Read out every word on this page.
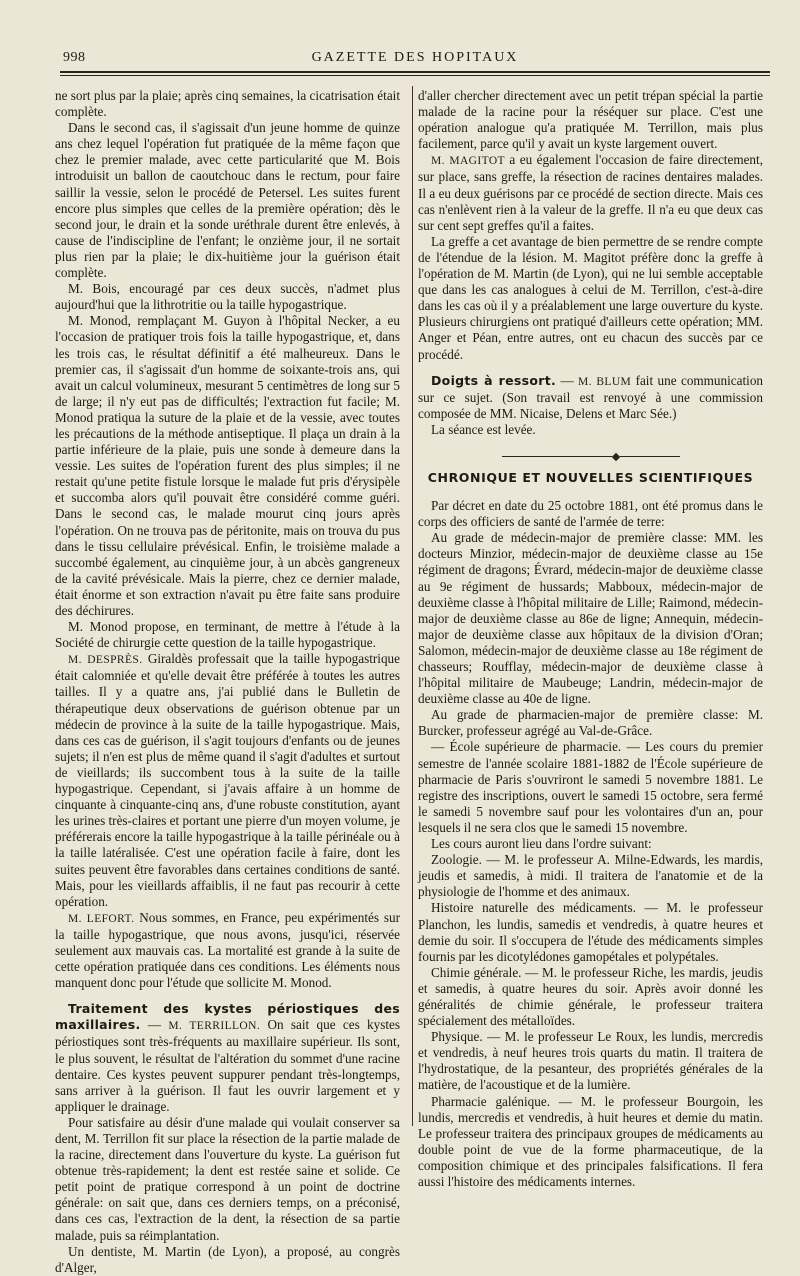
998	GAZETTE DES HOPITAUX

ne sort plus par la plaie; après cinq semaines, la cicatrisation était complète.

Dans le second cas, il s'agissait d'un jeune homme de quinze ans chez lequel l'opération fut pratiquée de la même façon que chez le premier malade, avec cette particularité que M. Bois introduisit un ballon de caoutchouc dans le rectum, pour faire saillir la vessie, selon le procédé de Petersel. Les suites furent encore plus simples que celles de la première opération; dès le second jour, le drain et la sonde uréthrale durent être enlevés, à cause de l'indiscipline de l'enfant; le onzième jour, il ne sortait plus rien par la plaie; le dix-huitième jour la guérison était complète.

M. Bois, encouragé par ces deux succès, n'admet plus aujourd'hui que la lithrotritie ou la taille hypogastrique.

M. Monod, remplaçant M. Guyon à l'hôpital Necker, a eu l'occasion de pratiquer trois fois la taille hypogastrique, et, dans les trois cas, le résultat définitif a été malheureux. Dans le premier cas, il s'agissait d'un homme de soixante-trois ans, qui avait un calcul volumineux, mesurant 5 centimètres de long sur 5 de large; il n'y eut pas de difficultés; l'extraction fut facile; M. Monod pratiqua la suture de la plaie et de la vessie, avec toutes les précautions de la méthode antiseptique. Il plaça un drain à la partie inférieure de la plaie, puis une sonde à demeure dans la vessie. Les suites de l'opération furent des plus simples; il ne restait qu'une petite fistule lorsque le malade fut pris d'érysipèle et succomba alors qu'il pouvait être considéré comme guéri. Dans le second cas, le malade mourut cinq jours après l'opération. On ne trouva pas de péritonite, mais on trouva du pus dans le tissu cellulaire prévésical. Enfin, le troisième malade a succombé également, au cinquième jour, à un abcès gangreneux de la cavité prévésicale. Mais la pierre, chez ce dernier malade, était énorme et son extraction n'avait pu être faite sans produire des déchirures.

M. Monod propose, en terminant, de mettre à l'étude à la Société de chirurgie cette question de la taille hypogastrique.

M. DESPRÈS. Giraldès professait que la taille hypogastrique était calomniée et qu'elle devait être préférée à toutes les autres tailles. Il y a quatre ans, j'ai publié dans le Bulletin de thérapeutique deux observations de guérison obtenue par un médecin de province à la suite de la taille hypogastrique. Mais, dans ces cas de guérison, il s'agit toujours d'enfants ou de jeunes sujets; il n'en est plus de même quand il s'agit d'adultes et surtout de vieillards; ils succombent tous à la suite de la taille hypogastrique. Cependant, si j'avais affaire à un homme de cinquante à cinquante-cinq ans, d'une robuste constitution, ayant les urines très-claires et portant une pierre d'un moyen volume, je préférerais encore la taille hypogastrique à la taille périnéale ou à la taille latéralisée. C'est une opération facile à faire, dont les suites peuvent être favorables dans certaines conditions de santé. Mais, pour les vieillards affaiblis, il ne faut pas recourir à cette opération.

M. LEFORT. Nous sommes, en France, peu expérimentés sur la taille hypogastrique, que nous avons, jusqu'ici, réservée seulement aux mauvais cas. La mortalité est grande à la suite de cette opération pratiquée dans ces conditions. Les éléments nous manquent donc pour l'étude que sollicite M. Monod.

Traitement des kystes périostiques des maxillaires. — M. TERRILLON. On sait que ces kystes périostiques sont très-fréquents au maxillaire supérieur. Ils sont, le plus souvent, le résultat de l'altération du sommet d'une racine dentaire. Ces kystes peuvent suppurer pendant très-longtemps, sans arriver à la guérison. Il faut les ouvrir largement et y appliquer le drainage.

Pour satisfaire au désir d'une malade qui voulait conserver sa dent, M. Terrillon fit sur place la résection de la partie malade de la racine, directement dans l'ouverture du kyste. La guérison fut obtenue très-rapidement; la dent est restée saine et solide. Ce petit point de pratique correspond à un point de doctrine générale: on sait que, dans ces derniers temps, on a préconisé, dans ces cas, l'extraction de la dent, la résection de sa partie malade, puis sa réimplantation.

Un dentiste, M. Martin (de Lyon), a proposé, au congrès d'Alger,

d'aller chercher directement avec un petit trépan spécial la partie malade de la racine pour la réséquer sur place. C'est une opération analogue qu'a pratiquée M. Terrillon, mais plus facilement, parce qu'il y avait un kyste largement ouvert.

M. MAGITOT a eu également l'occasion de faire directement, sur place, sans greffe, la résection de racines dentaires malades. Il a eu deux guérisons par ce procédé de section directe. Mais ces cas n'enlèvent rien à la valeur de la greffe. Il n'a eu que deux cas sur cent sept greffes qu'il a faites.

La greffe a cet avantage de bien permettre de se rendre compte de l'étendue de la lésion. M. Magitot préfère donc la greffe à l'opération de M. Martin (de Lyon), qui ne lui semble acceptable que dans les cas analogues à celui de M. Terrillon, c'est-à-dire dans les cas où il y a préalablement une large ouverture du kyste. Plusieurs chirurgiens ont pratiqué d'ailleurs cette opération; MM. Anger et Péan, entre autres, ont eu chacun des succès par ce procédé.

Doigts à ressort. — M. BLUM fait une communication sur ce sujet. (Son travail est renvoyé à une commission composée de MM. Nicaise, Delens et Marc Sée.)

La séance est levée.

CHRONIQUE ET NOUVELLES SCIENTIFIQUES

Par décret en date du 25 octobre 1881, ont été promus dans le corps des officiers de santé de l'armée de terre:

Au grade de médecin-major de première classe: MM. les docteurs Minzior, médecin-major de deuxième classe au 15e régiment de dragons; Évrard, médecin-major de deuxième classe au 9e régiment de hussards; Mabboux, médecin-major de deuxième classe à l'hôpital militaire de Lille; Raimond, médecin-major de deuxième classe au 86e de ligne; Annequin, médecin-major de deuxième classe aux hôpitaux de la division d'Oran; Salomon, médecin-major de deuxième classe au 18e régiment de chasseurs; Roufflay, médecin-major de deuxième classe à l'hôpital militaire de Maubeuge; Landrin, médecin-major de deuxième classe au 40e de ligne.

Au grade de pharmacien-major de première classe: M. Burcker, professeur agrégé au Val-de-Grâce.

— École supérieure de pharmacie. — Les cours du premier semestre de l'année scolaire 1881-1882 de l'École supérieure de pharmacie de Paris s'ouvriront le samedi 5 novembre 1881. Le registre des inscriptions, ouvert le samedi 15 octobre, sera fermé le samedi 5 novembre sauf pour les volontaires d'un an, pour lesquels il ne sera clos que le samedi 15 novembre.

Les cours auront lieu dans l'ordre suivant:

Zoologie. — M. le professeur A. Milne-Edwards, les mardis, jeudis et samedis, à midi. Il traitera de l'anatomie et de la physiologie de l'homme et des animaux.

Histoire naturelle des médicaments. — M. le professeur Planchon, les lundis, samedis et vendredis, à quatre heures et demie du soir. Il s'occupera de l'étude des médicaments simples fournis par les dicotylédones gamopétales et polypétales.

Chimie générale. — M. le professeur Riche, les mardis, jeudis et samedis, à quatre heures du soir. Après avoir donné les généralités de chimie générale, le professeur traitera spécialement des métalloïdes.

Physique. — M. le professeur Le Roux, les lundis, mercredis et vendredis, à neuf heures trois quarts du matin. Il traitera de l'hydrostatique, de la pesanteur, des propriétés générales de la matière, de l'acoustique et de la lumière.

Pharmacie galénique. — M. le professeur Bourgoin, les lundis, mercredis et vendredis, à huit heures et demie du matin. Le professeur traitera des principaux groupes de médicaments au double point de vue de la forme pharmaceutique, de la composition chimique et des principales falsifications. Il fera aussi l'histoire des médicaments internes.
